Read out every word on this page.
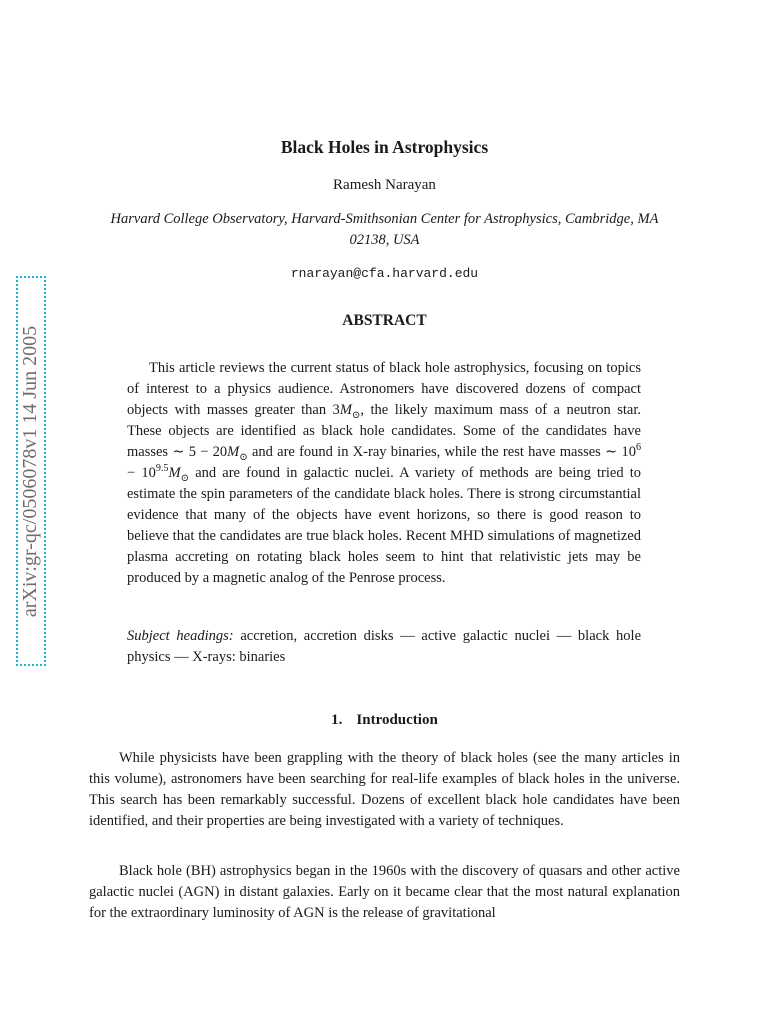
arXiv:gr-qc/0506078v1 14 Jun 2005
Black Holes in Astrophysics
Ramesh Narayan
Harvard College Observatory, Harvard-Smithsonian Center for Astrophysics, Cambridge, MA 02138, USA
rnarayan@cfa.harvard.edu
ABSTRACT

This article reviews the current status of black hole astrophysics, focusing on topics of interest to a physics audience. Astronomers have discovered dozens of compact objects with masses greater than $3M_⊙$, the likely maximum mass of a neutron star. These objects are identified as black hole candidates. Some of the candidates have masses ∼ $5 - 20M_⊙$ and are found in X-ray binaries, while the rest have masses ∼ $10^6 - 10^{9.5}M_⊙$ and are found in galactic nuclei. A variety of methods are being tried to estimate the spin parameters of the candidate black holes. There is strong circumstantial evidence that many of the objects have event horizons, so there is good reason to believe that the candidates are true black holes. Recent MHD simulations of magnetized plasma accreting on rotating black holes seem to hint that relativistic jets may be produced by a magnetic analog of the Penrose process.

Subject headings: accretion, accretion disks — active galactic nuclei — black hole physics — X-rays: binaries

1. Introduction

While physicists have been grappling with the theory of black holes (see the many articles in this volume), astronomers have been searching for real-life examples of black holes in the universe. This search has been remarkably successful. Dozens of excellent black hole candidates have been identified, and their properties are being investigated with a variety of techniques.

Black hole (BH) astrophysics began in the 1960s with the discovery of quasars and other active galactic nuclei (AGN) in distant galaxies. Early on it became clear that the most natural explanation for the extraordinary luminosity of AGN is the release of gravitational
